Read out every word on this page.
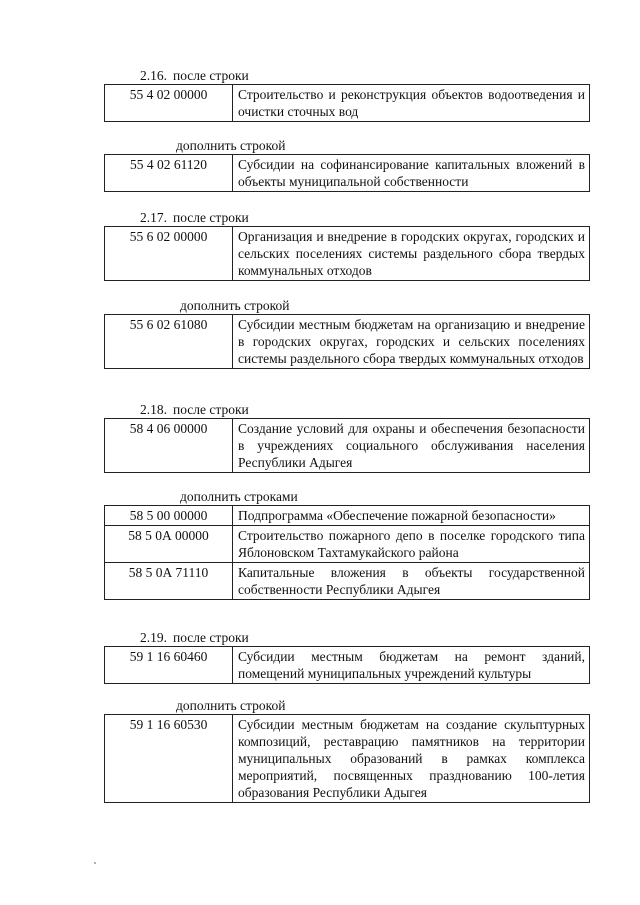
2.16. после строки
55 4 02 00000	Строительство и реконструкция объектов водоотведения и очистки сточных вод
дополнить строкой
55 4 02 61120	Субсидии на софинансирование капитальных вложений в объекты муниципальной собственности
2.17. после строки
55 6 02 00000	Организация и внедрение в городских округах, городских и сельских поселениях системы раздельного сбора твердых коммунальных отходов
дополнить строкой
55 6 02 61080	Субсидии местным бюджетам на организацию и внедрение в городских округах, городских и сельских поселениях системы раздельного сбора твердых коммунальных отходов
2.18. после строки
58 4 06 00000	Создание условий для охраны и обеспечения безопасности в учреждениях социального обслуживания населения Республики Адыгея
дополнить строками
58 5 00 00000	Подпрограмма «Обеспечение пожарной безопасности»
58 5 0А 00000	Строительство пожарного депо в поселке городского типа Яблоновском Тахтамукайского района
58 5 0А 71110	Капитальные вложения в объекты государственной собственности Республики Адыгея
2.19. после строки
59 1 16 60460	Субсидии местным бюджетам на ремонт зданий, помещений муниципальных учреждений культуры
дополнить строкой
59 1 16 60530	Субсидии местным бюджетам на создание скульптурных композиций, реставрацию памятников на территории муниципальных образований в рамках комплекса мероприятий, посвященных празднованию 100-летия образования Республики Адыгея
